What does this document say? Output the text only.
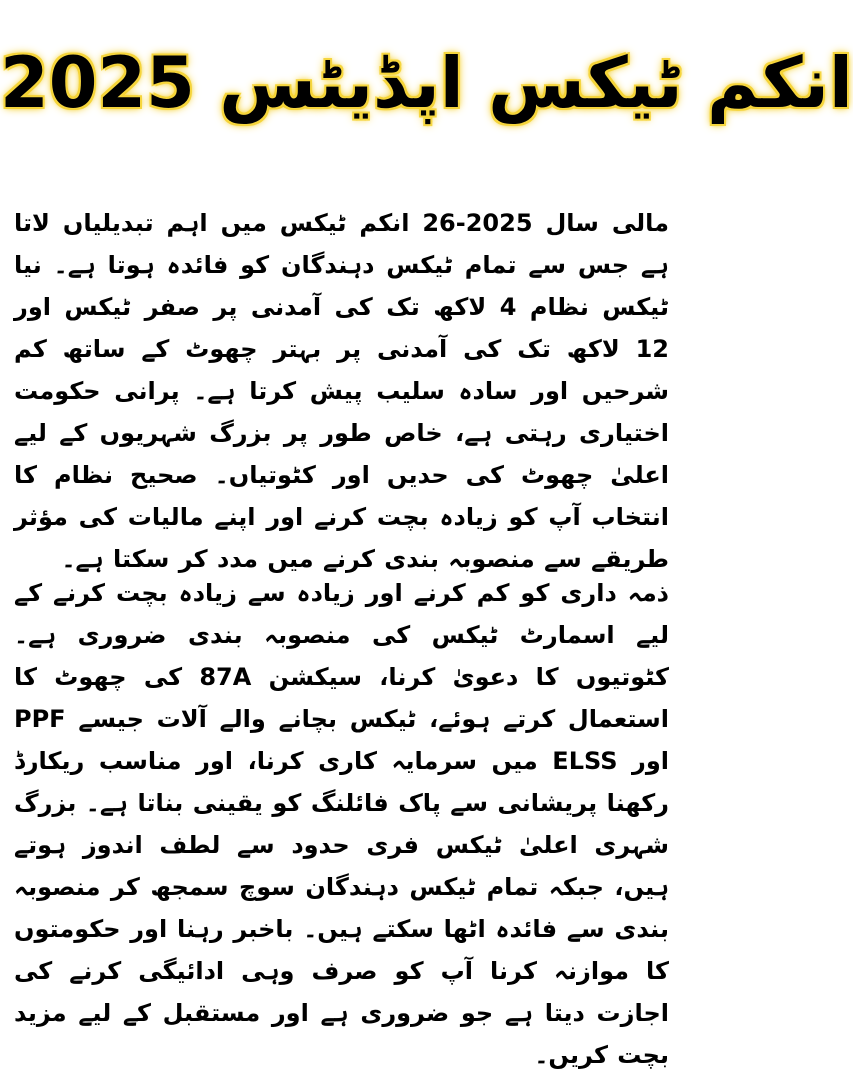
انکم ٹیکس اپڈیٹس 2025

مالی سال 2025-26 انکم ٹیکس میں اہم تبدیلیاں لاتا ہے جس سے تمام ٹیکس دہندگان کو فائدہ ہوتا ہے۔ نیا ٹیکس نظام 4 لاکھ تک کی آمدنی پر صفر ٹیکس اور 12 لاکھ تک کی آمدنی پر بہتر چھوٹ کے ساتھ کم شرحیں اور سادہ سلیب پیش کرتا ہے۔ پرانی حکومت اختیاری رہتی ہے، خاص طور پر بزرگ شہریوں کے لیے اعلیٰ چھوٹ کی حدیں اور کٹوتیاں۔ صحیح نظام کا انتخاب آپ کو زیادہ بچت کرنے اور اپنے مالیات کی مؤثر طریقے سے منصوبہ بندی کرنے میں مدد کر سکتا ہے۔

ذمہ داری کو کم کرنے اور زیادہ سے زیادہ بچت کرنے کے لیے اسمارٹ ٹیکس کی منصوبہ بندی ضروری ہے۔ کٹوتیوں کا دعویٰ کرنا، سیکشن 87A کی چھوٹ کا استعمال کرتے ہوئے، ٹیکس بچانے والے آلات جیسے PPF اور ELSS میں سرمایہ کاری کرنا، اور مناسب ریکارڈ رکھنا پریشانی سے پاک فائلنگ کو یقینی بناتا ہے۔ بزرگ شہری اعلیٰ ٹیکس فری حدود سے لطف اندوز ہوتے ہیں، جبکہ تمام ٹیکس دہندگان سوچ سمجھ کر منصوبہ بندی سے فائدہ اٹھا سکتے ہیں۔ باخبر رہنا اور حکومتوں کا موازنہ کرنا آپ کو صرف وہی ادائیگی کرنے کی اجازت دیتا ہے جو ضروری ہے اور مستقبل کے لیے مزید بچت کریں۔
